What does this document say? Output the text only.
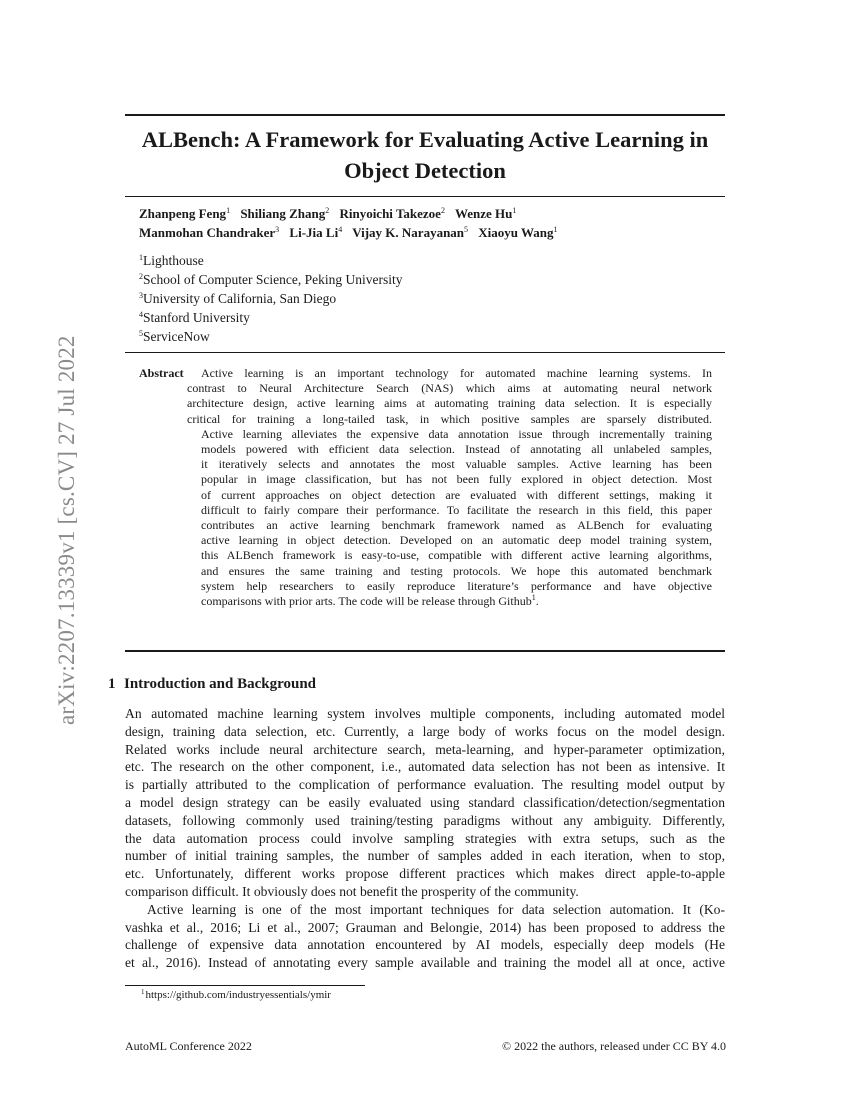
arXiv:2207.13339v1 [cs.CV] 27 Jul 2022
ALBench: A Framework for Evaluating Active Learning in
Object Detection
Zhanpeng Feng$^1$ Shiliang Zhang$^2$ Rinyoichi Takezoe$^2$ Wenze Hu$^1$
Manmohan Chandraker$^3$ Li-Jia Li$^4$ Vijay K. Narayanan$^5$ Xiaoyu Wang$^1$
$^1$Lighthouse
$^2$School of Computer Science, Peking University
$^3$University of California, San Diego
$^4$Stanford University
$^5$ServiceNow
Abstract Active learning is an important technology for automated machine learning systems. In
contrast to Neural Architecture Search (NAS) which aims at automating neural network
architecture design, active learning aims at automating training data selection. It is especially
critical for training a long-tailed task, in which positive samples are sparsely distributed.
Active learning alleviates the expensive data annotation issue through incrementally training
models powered with efficient data selection. Instead of annotating all unlabeled samples,
it iteratively selects and annotates the most valuable samples. Active learning has been
popular in image classification, but has not been fully explored in object detection. Most
of current approaches on object detection are evaluated with different settings, making it
difficult to fairly compare their performance. To facilitate the research in this field, this paper
contributes an active learning benchmark framework named as ALBench for evaluating
active learning in object detection. Developed on an automatic deep model training system,
this ALBench framework is easy-to-use, compatible with different active learning algorithms,
and ensures the same training and testing protocols. We hope this automated benchmark
system help researchers to easily reproduce literature’s performance and have objective
comparisons with prior arts. The code will be release through Github$^1$.
1 Introduction and Background
An automated machine learning system involves multiple components, including automated model
design, training data selection, etc. Currently, a large body of works focus on the model design.
Related works include neural architecture search, meta-learning, and hyper-parameter optimization,
etc. The research on the other component, i.e., automated data selection has not been as intensive. It
is partially attributed to the complication of performance evaluation. The resulting model output by
a model design strategy can be easily evaluated using standard classification/detection/segmentation
datasets, following commonly used training/testing paradigms without any ambiguity. Differently,
the data automation process could involve sampling strategies with extra setups, such as the
number of initial training samples, the number of samples added in each iteration, when to stop,
etc. Unfortunately, different works propose different practices which makes direct apple-to-apple
comparison difficult. It obviously does not benefit the prosperity of the community.
Active learning is one of the most important techniques for data selection automation. It (Ko-
vashka et al., 2016; Li et al., 2007; Grauman and Belongie, 2014) has been proposed to address the
challenge of expensive data annotation encountered by AI models, especially deep models (He
et al., 2016). Instead of annotating every sample available and training the model all at once, active
$^1$https://github.com/industryessentials/ymir
AutoML Conference 2022	© 2022 the authors, released under CC BY 4.0
